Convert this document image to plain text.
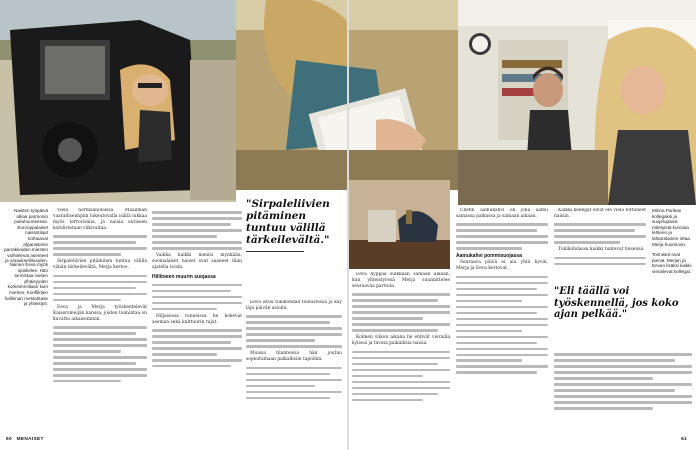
Naisten työpäivä alkaa parroonin pukuhuoneessa. Eurooppalaiset naissotilaat kohtaavat afganistanin parrakkaiden miesten vaihtelevat asenteet ja varauksellisuuden.
Nainen Eeva myös opiskelee. Hän tunnistaa naisen ylhäisyyden korkeimmillaan kuin miehen. Konfliktien hallinnan mestaritaso ja yhteistyö.

Vielä normaalioloissa. Maailman vaaralliseimpiin lukeutuvalla isällä lukkaa myös terrorismia, ja naisia uutiseen kohdistetaan väkivaltaa.

Sirpaleliivien pitäminen tuntuu välillä vähän tärkeilevältä, Merja kertoo.

Eeva ja Merja työskentelevät Kaisersmeijän kanssa, joiden toimintaa on kuvattu aikaisemmin.

Vaikka kaikki menisi mynkään, suomalaiset naiset ovat saaneet tilan ajatella toisin.

Hiilitoeen muurin suojassa

Hiljaisissa tunneissa he kokevat aseman sekä kulttuurin rajat.

"Sirpaleliivien pitäminen tuntuu välillä tärkeilevältä."

Eeva istuu tukikohdan toimistossa ja käy läpi päivän asioita.

Muissa tilanteissa hän joutuu sopeutumaan paikallisiin tapoihin.

60 MENAISET

Eeva hyppää sulkkaan samaan aikaan, kun yhteistyössä Merja suunnittelee seuraavaa partiota.

Kolmen viikon aikana he ehtivät vierailla kylissä ja tavata paikallisia naisia.

Chefin aamukahvi on joka aamu samassa paikassa ja samaan aikaan.

Aamukahvi pommisuojassa

Seuraava päivä ei ala yhtä hyvin, Merja ja Eeva kertovat.

Kaikki kollegat eivät ole vielä tottuneet naisiin.

Tukikohdassa kaikki tuntevat toisensa.

"Eli täällä voi työskennellä, jos koko ajan pelkää."
Minna Parikan kollegaksi ja suojelupäivä nöletyistä kunniaa lehteen ja lahtaralainen ottaa Merja huomioon.
Toimistot ovat pieniä. Merjan ja Eevan lisäksi kaikki vierailevat kollegat.
61
